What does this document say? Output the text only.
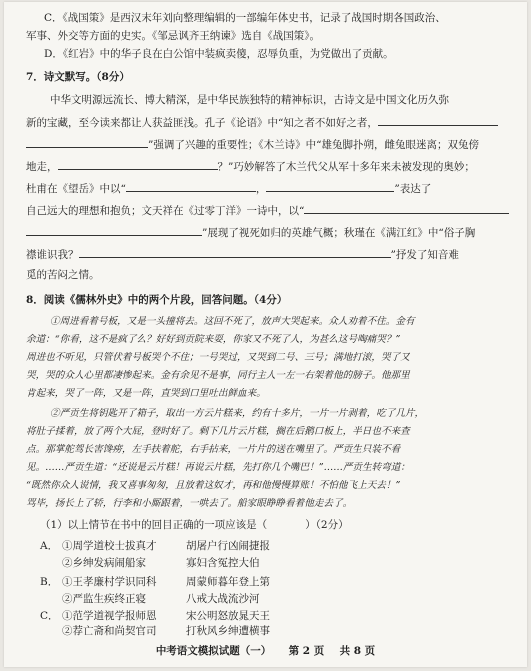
C．《战国策》是西汉末年刘向整理编辑的一部编年体史书，记录了战国时期各国政治、
军事、外交等方面的史实。《邹忌讽齐王纳谏》选自《战国策》。
D．《红岩》中的华子良在白公馆中装疯卖傻，忍辱负重，为党做出了贡献。
7．诗文默写。（8分）
中华文明源远流长、博大精深，是中华民族独特的精神标识，古诗文是中国文化历久弥
新的宝藏，至今读来都让人获益匪浅。孔子《论语》中“知之者不如好之者，
”强调了兴趣的重要性；《木兰诗》中“雄兔脚扑朔，雌兔眼迷离；双兔傍
地走，	？”巧妙解答了木兰代父从军十多年来未被发现的奥妙；
杜甫在《望岳》中以“	，	”表达了
自己远大的理想和抱负；文天祥在《过零丁洋》一诗中，以“
”展现了视死如归的英雄气概；秋瑾在《满江红》中“俗子胸
襟谁识我？	”抒发了知音难
觅的苦闷之情。
8．阅读《儒林外史》中的两个片段，回答问题。（4分）
①周进看着号板，又是一头撞将去。这回不死了，放声大哭起来。众人劝着不住。金有
余道：“你看，这不是疯了么？好好到贡院来耍，你家又不死了人，为甚么这号啕痛哭？”
周进也不听见，只管伏着号板哭个不住；一号哭过，又哭到二号、三号；满地打滚，哭了又
哭，哭的众人心里都凄惨起来。金有余见不是事，同行主人一左一右架着他的膀子。他那里
肯起来，哭了一阵，又是一阵，直哭到口里吐出鲜血来。
②严贡生将钥匙开了箱子，取出一方云片糕来，约有十多片，一片一片剥着，吃了几片，
将肚子揉着，放了两个大屁，登时好了。剩下几片云片糕，搁在后鹅口板上，半日也不来查
点。那掌舵驾长害馋痨，左手扶着舵，右手拈来，一片片的送在嘴里了。严贡生只装不看
见。……严贡生道：“还说是云片糕！再说云片糕，先打你几个嘴巴！”……严贡生转弯道：
“既然你众人说情，我又喜事匆匆，且放着这奴才，再和他慢慢算账！不怕他飞上天去！”
骂毕，扬长上了轿，行李和小厮跟着，一哄去了。船家眼睁睁看着他走去了。
（1）以上情节在书中的回目正确的一项应该是（	）（2分）
A． ①周学道校士拔真才	胡屠户行凶闹捷报
②乡绅发病闹船家	寡妇含冤控大伯
B． ①王孝廉村学识同科	周蒙师暮年登上第
②严监生疾终正寝	八戒大战流沙河
C． ①范学道视学报师恩	宋公明怒放晁天王
②荐亡斋和尚契官司	打秋风乡绅遭横事
中考语文模拟试题（一） 第 2 页 共 8 页
